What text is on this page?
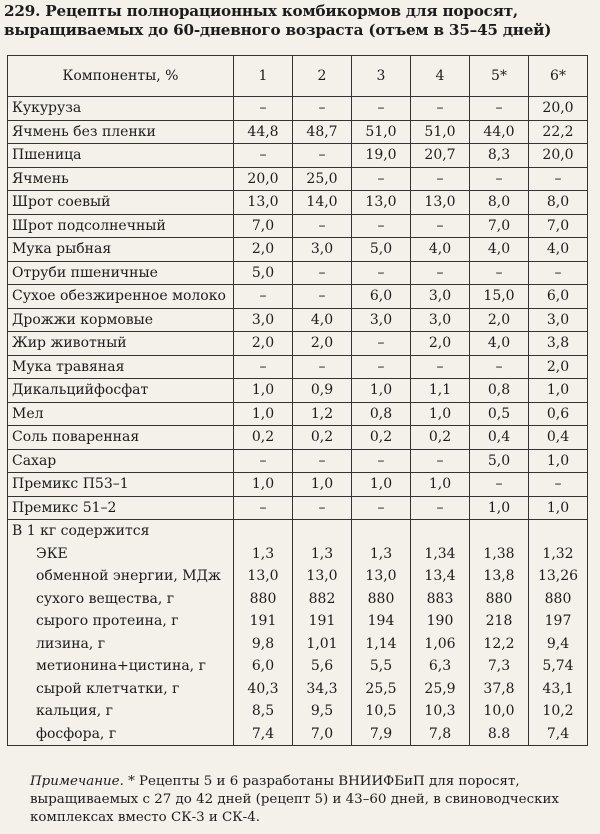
229. Рецепты полнорационных комбикормов для поросят, выращиваемых до 60-дневного возраста (отъем в 35–45 дней)
Компоненты, %	1	2	3	4	5*	6*
Кукуруза	–	–	–	–	–	20,0
Ячмень без пленки	44,8	48,7	51,0	51,0	44,0	22,2
Пшеница	–	–	19,0	20,7	8,3	20,0
Ячмень	20,0	25,0	–	–	–	–
Шрот соевый	13,0	14,0	13,0	13,0	8,0	8,0
Шрот подсолнечный	7,0	–	–	–	7,0	7,0
Мука рыбная	2,0	3,0	5,0	4,0	4,0	4,0
Отруби пшеничные	5,0	–	–	–	–	–
Сухое обезжиренное молоко	–	–	6,0	3,0	15,0	6,0
Дрожжи кормовые	3,0	4,0	3,0	3,0	2,0	3,0
Жир животный	2,0	2,0	–	2,0	4,0	3,8
Мука травяная	–	–	–	–	–	2,0
Дикальцийфосфат	1,0	0,9	1,0	1,1	0,8	1,0
Мел	1,0	1,2	0,8	1,0	0,5	0,6
Соль поваренная	0,2	0,2	0,2	0,2	0,4	0,4
Сахар	–	–	–	–	5,0	1,0
Премикс П53–1	1,0	1,0	1,0	1,0	–	–
Премикс 51–2	–	–	–	–	1,0	1,0
В 1 кг содержится						
ЭКЕ	1,3	1,3	1,3	1,34	1,38	1,32
обменной энергии, МДж	13,0	13,0	13,0	13,4	13,8	13,26
сухого вещества, г	880	882	880	883	880	880
сырого протеина, г	191	191	194	190	218	197
лизина, г	9,8	1,01	1,14	1,06	12,2	9,4
метионина+цистина, г	6,0	5,6	5,5	6,3	7,3	5,74
сырой клетчатки, г	40,3	34,3	25,5	25,9	37,8	43,1
кальция, г	8,5	9,5	10,5	10,3	10,0	10,2
фосфора, г	7,4	7,0	7,9	7,8	8.8	7,4
Примечание. * Рецепты 5 и 6 разработаны ВНИИФБиП для поросят, выращиваемых с 27 до 42 дней (рецепт 5) и 43–60 дней, в свиноводческих комплексах вместо СК-3 и СК-4.
